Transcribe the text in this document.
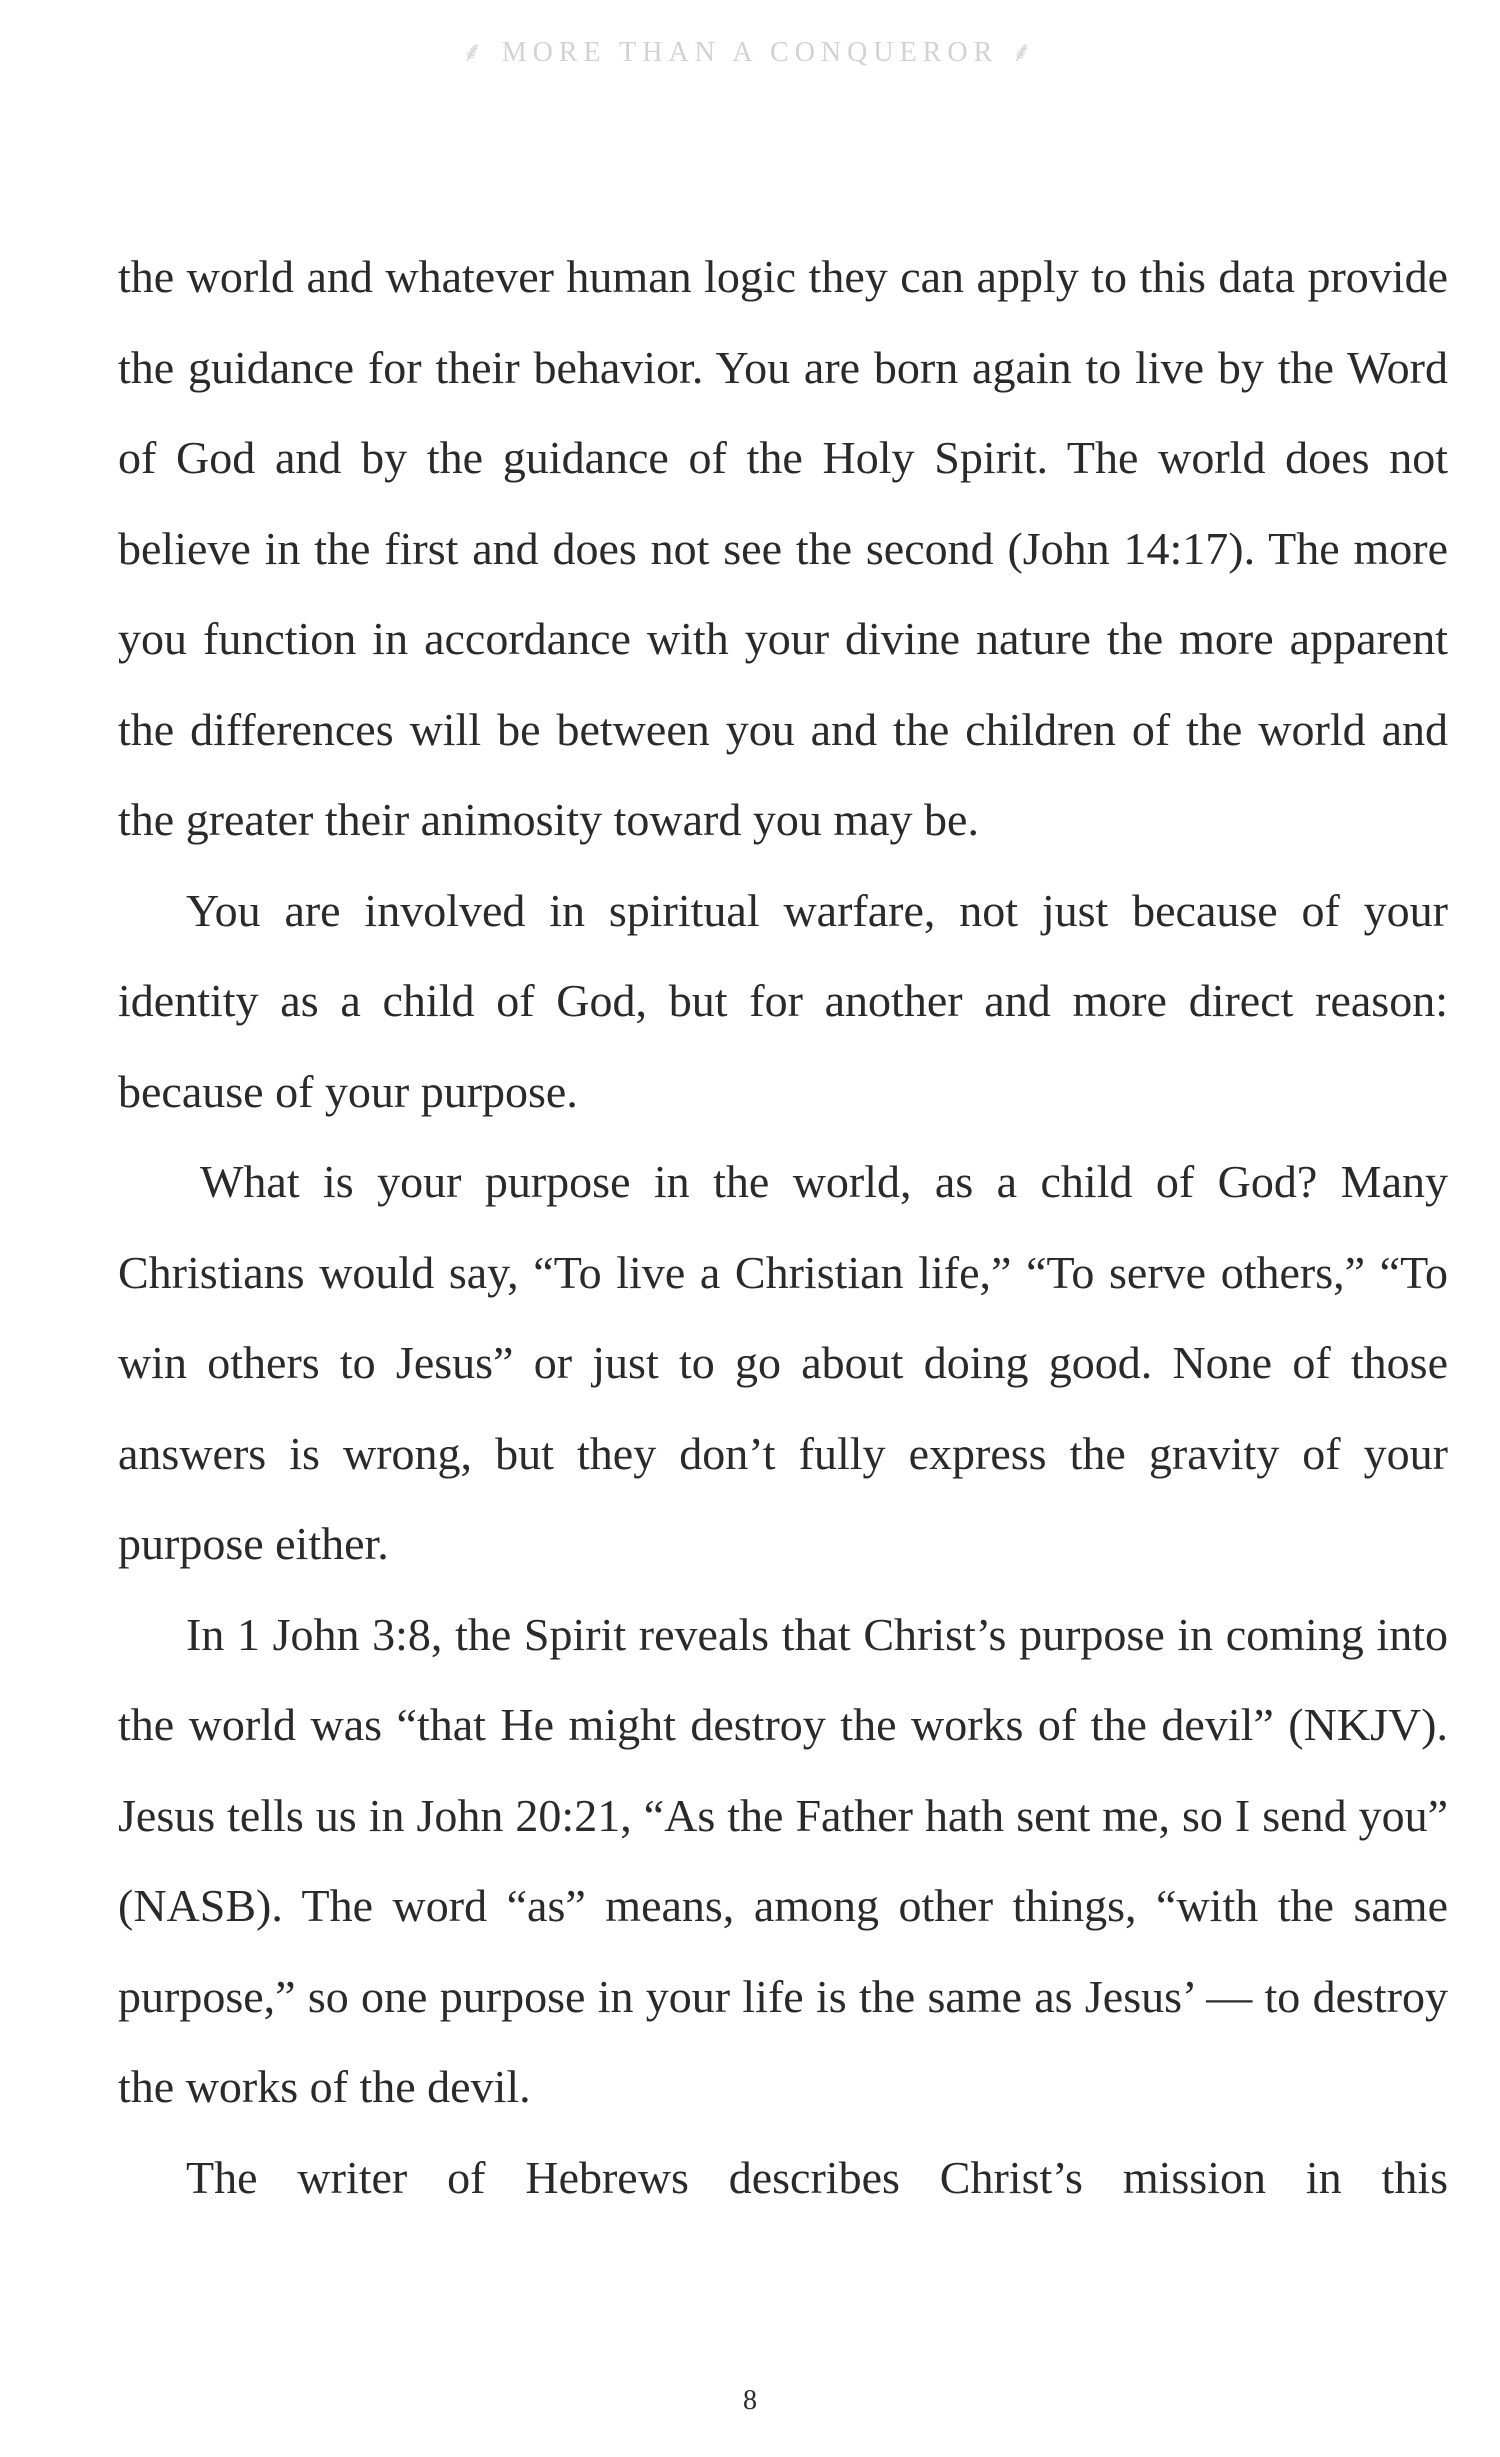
⸙ MORE THAN A CONQUEROR ⸙

the world and whatever human logic they can apply to this data provide the guidance for their behavior. You are born again to live by the Word of God and by the guidance of the Holy Spirit. The world does not believe in the first and does not see the second (John 14:17). The more you function in accordance with your divine nature the more apparent the differences will be between you and the children of the world and the greater their animosity toward you may be.

You are involved in spiritual warfare, not just because of your identity as a child of God, but for another and more direct reason: because of your purpose.

What is your purpose in the world, as a child of God? Many Christians would say, “To live a Christian life,” “To serve others,” “To win others to Jesus” or just to go about doing good. None of those answers is wrong, but they don’t fully express the gravity of your purpose either.

In 1 John 3:8, the Spirit reveals that Christ’s purpose in coming into the world was “that He might destroy the works of the devil” (NKJV). Jesus tells us in John 20:21, “As the Father hath sent me, so I send you” (NASB). The word “as” means, among other things, “with the same purpose,” so one purpose in your life is the same as Jesus’ — to destroy the works of the devil.

The writer of Hebrews describes Christ’s mission in this

8
